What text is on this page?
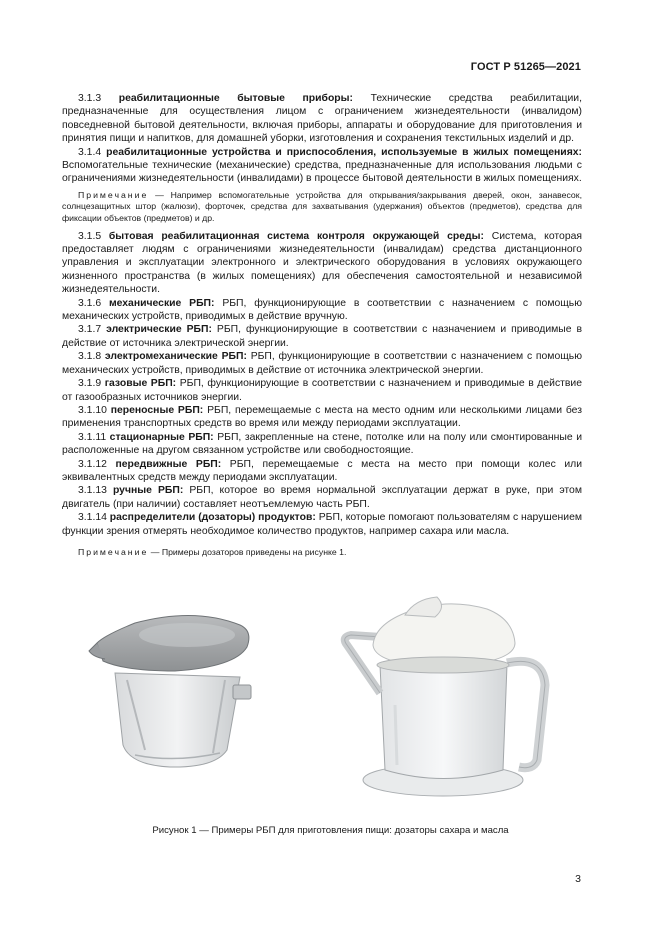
ГОСТ Р 51265—2021

3.1.3 реабилитационные бытовые приборы: Технические средства реабилитации, предназначенные для осуществления лицом с ограничением жизнедеятельности (инвалидом) повседневной бытовой деятельности, включая приборы, аппараты и оборудование для приготовления и принятия пищи и напитков, для домашней уборки, изготовления и сохранения текстильных изделий и др.

3.1.4 реабилитационные устройства и приспособления, используемые в жилых помещениях: Вспомогательные технические (механические) средства, предназначенные для использования людьми с ограничениями жизнедеятельности (инвалидами) в процессе бытовой деятельности в жилых помещениях.

Примечание — Например вспомогательные устройства для открывания/закрывания дверей, окон, занавесок, солнцезащитных штор (жалюзи), форточек, средства для захватывания (удержания) объектов (предметов), средства для фиксации объектов (предметов) и др.

3.1.5 бытовая реабилитационная система контроля окружающей среды: Система, которая предоставляет людям с ограничениями жизнедеятельности (инвалидам) средства дистанционного управления и эксплуатации электронного и электрического оборудования в условиях окружающего жизненного пространства (в жилых помещениях) для обеспечения самостоятельной и независимой жизнедеятельности.

3.1.6 механические РБП: РБП, функционирующие в соответствии с назначением с помощью механических устройств, приводимых в действие вручную.

3.1.7 электрические РБП: РБП, функционирующие в соответствии с назначением и приводимые в действие от источника электрической энергии.

3.1.8 электромеханические РБП: РБП, функционирующие в соответствии с назначением с помощью механических устройств, приводимых в действие от источника электрической энергии.

3.1.9 газовые РБП: РБП, функционирующие в соответствии с назначением и приводимые в действие от газообразных источников энергии.

3.1.10 переносные РБП: РБП, перемещаемые с места на место одним или несколькими лицами без применения транспортных средств во время или между периодами эксплуатации.

3.1.11 стационарные РБП: РБП, закрепленные на стене, потолке или на полу или смонтированные и расположенные на другом связанном устройстве или свободностоящие.

3.1.12 передвижные РБП: РБП, перемещаемые с места на место при помощи колес или эквивалентных средств между периодами эксплуатации.

3.1.13 ручные РБП: РБП, которое во время нормальной эксплуатации держат в руке, при этом двигатель (при наличии) составляет неотъемлемую часть РБП.

3.1.14 распределители (дозаторы) продуктов: РБП, которые помогают пользователям с нарушением функции зрения отмерять необходимое количество продуктов, например сахара или масла.

Примечание — Примеры дозаторов приведены на рисунке 1.
Рисунок 1 — Примеры РБП для приготовления пищи: дозаторы сахара и масла
3
